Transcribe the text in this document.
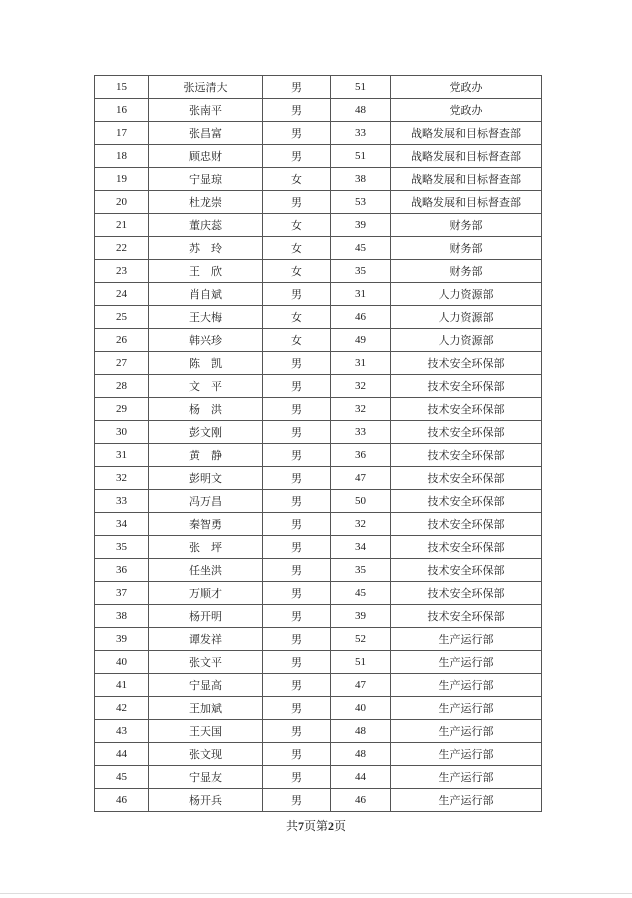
15	张远清大	男	51	党政办
16	张南平	男	48	党政办
17	张昌富	男	33	战略发展和目标督查部
18	顾忠财	男	51	战略发展和目标督查部
19	宁显琼	女	38	战略发展和目标督查部
20	杜龙崇	男	53	战略发展和目标督查部
21	董庆蕊	女	39	财务部
22	苏　玲	女	45	财务部
23	王　欣	女	35	财务部
24	肖自斌	男	31	人力资源部
25	王大梅	女	46	人力资源部
26	韩兴珍	女	49	人力资源部
27	陈　凯	男	31	技术安全环保部
28	文　平	男	32	技术安全环保部
29	杨　洪	男	32	技术安全环保部
30	彭文刚	男	33	技术安全环保部
31	黄　静	男	36	技术安全环保部
32	彭明文	男	47	技术安全环保部
33	冯万昌	男	50	技术安全环保部
34	秦智勇	男	32	技术安全环保部
35	张　坪	男	34	技术安全环保部
36	任坐洪	男	35	技术安全环保部
37	万顺才	男	45	技术安全环保部
38	杨开明	男	39	技术安全环保部
39	谭发祥	男	52	生产运行部
40	张文平	男	51	生产运行部
41	宁显高	男	47	生产运行部
42	王加斌	男	40	生产运行部
43	王天国	男	48	生产运行部
44	张文现	男	48	生产运行部
45	宁显友	男	44	生产运行部
46	杨开兵	男	46	生产运行部
共7页第2页
